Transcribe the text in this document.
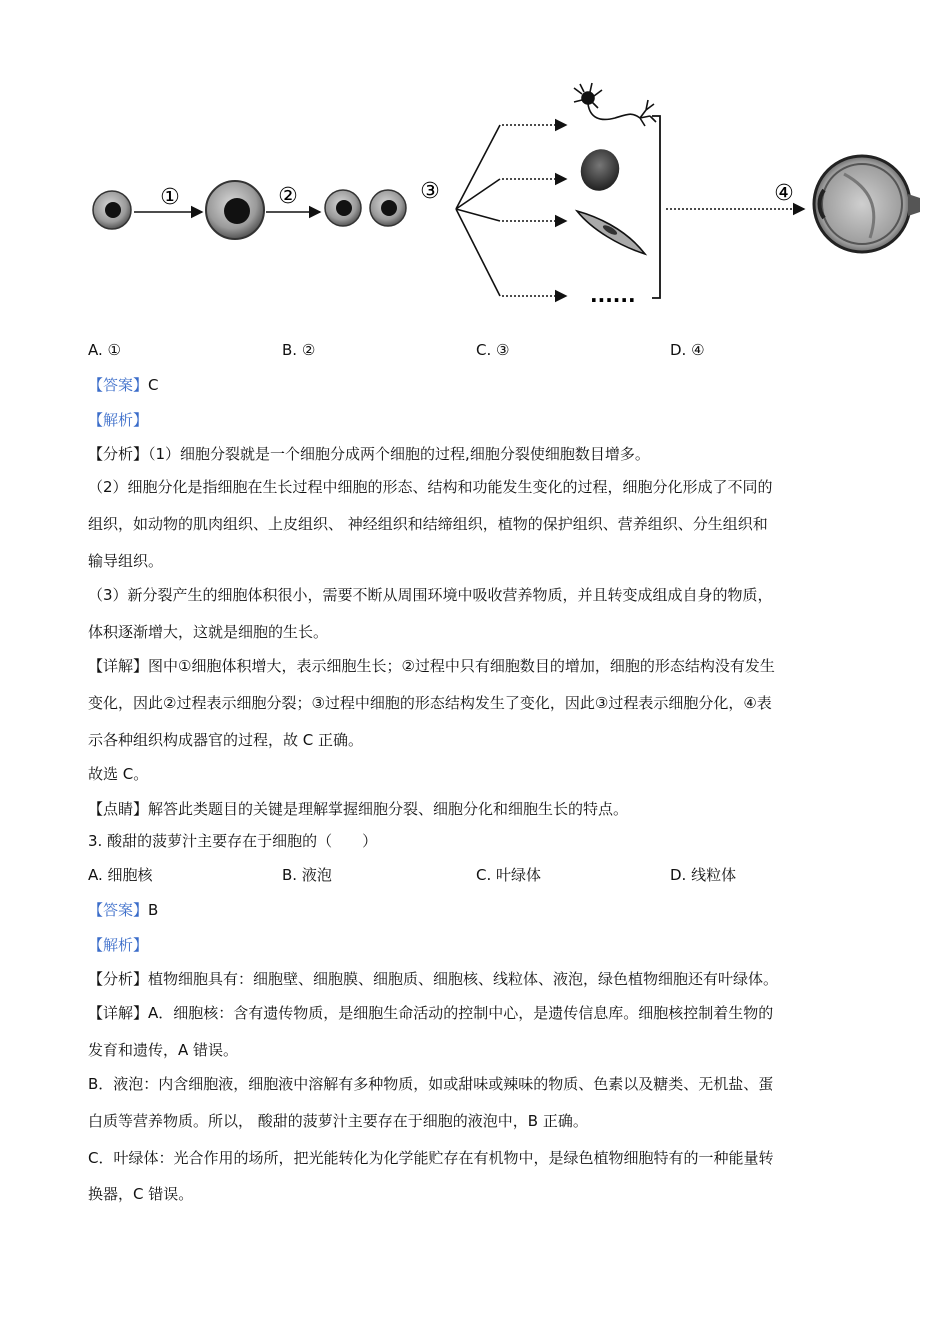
①	②	③
......
④
A. ①	B. ②	C. ③	D. ④
【答案】C
【解析】
【分析】（1）细胞分裂就是一个细胞分成两个细胞的过程,细胞分裂使细胞数目增多。
（2）细胞分化是指细胞在生长过程中细胞的形态、结构和功能发生变化的过程，细胞分化形成了不同的
组织，如动物的肌肉组织、上皮组织、 神经组织和结缔组织，植物的保护组织、营养组织、分生组织和
输导组织。
（3）新分裂产生的细胞体积很小，需要不断从周围环境中吸收营养物质，并且转变成组成自身的物质，
体积逐渐增大，这就是细胞的生长。
【详解】图中①细胞体积增大，表示细胞生长；②过程中只有细胞数目的增加，细胞的形态结构没有发生
变化，因此②过程表示细胞分裂；③过程中细胞的形态结构发生了变化，因此③过程表示细胞分化，④表
示各种组织构成器官的过程，故 C 正确。
故选 C。
【点睛】解答此类题目的关键是理解掌握细胞分裂、细胞分化和细胞生长的特点。
3. 酸甜的菠萝汁主要存在于细胞的（　　）
A. 细胞核	B. 液泡	C. 叶绿体	D. 线粒体
【答案】B
【解析】
【分析】植物细胞具有：细胞壁、细胞膜、细胞质、细胞核、线粒体、液泡，绿色植物细胞还有叶绿体。
【详解】A．细胞核：含有遗传物质，是细胞生命活动的控制中心，是遗传信息库。细胞核控制着生物的
发育和遗传，A 错误。
B．液泡：内含细胞液，细胞液中溶解有多种物质，如或甜味或辣味的物质、色素以及糖类、无机盐、蛋
白质等营养物质。所以， 酸甜的菠萝汁主要存在于细胞的液泡中，B 正确。
C．叶绿体：光合作用的场所，把光能转化为化学能贮存在有机物中，是绿色植物细胞特有的一种能量转
换器，C 错误。
